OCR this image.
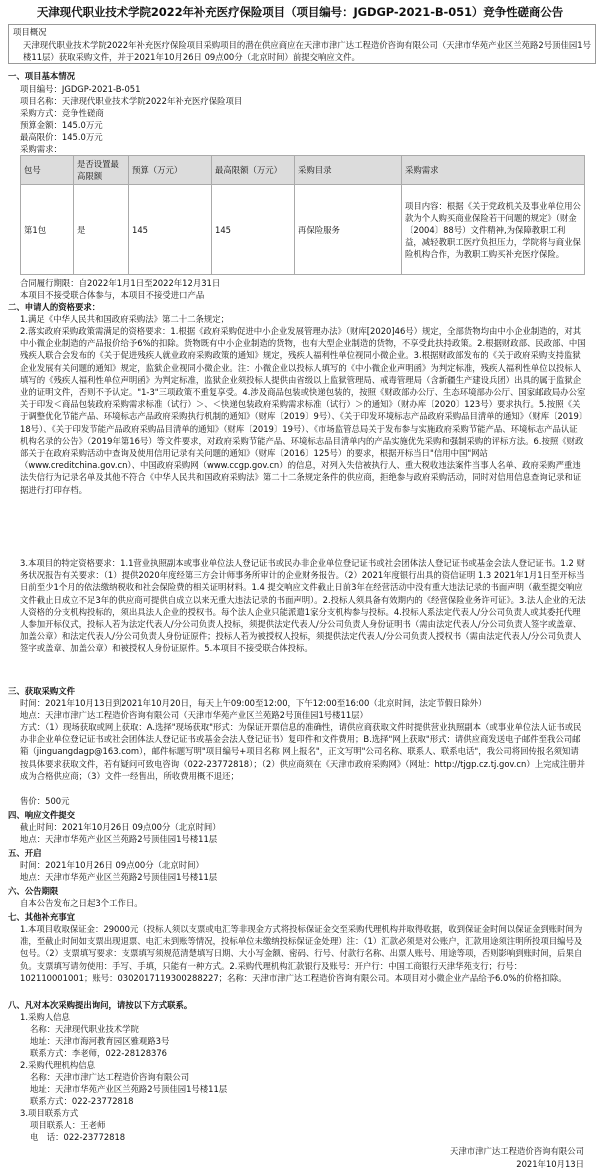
天津现代职业技术学院2022年补充医疗保险项目（项目编号：JGDGP-2021-B-051）竞争性磋商公告
项目概况
天津现代职业技术学院2022年补充医疗保险项目采购项目的潜在供应商应在天津市津广达工程造价咨询有限公司（天津市华苑产业区兰苑路2号顶佳园1号楼11层）获取采购文件，并于2021年10月26日 09点00分（北京时间）前提交响应文件。
一、项目基本情况
项目编号：JGDGP-2021-B-051
项目名称：天津现代职业技术学院2022年补充医疗保险项目
采购方式：竞争性磋商
预算金额：145.0万元
最高限价：145.0万元
采购需求：
包号	是否设置最高限额	预算（万元）	最高限额（万元）	采购目录	采购需求
第1包	是	145	145	再保险服务	项目内容：根据《关于党政机关及事业单位用公款为个人购买商业保险若干问题的规定》（财金〔2004〕88号）文件精神,为保障教职工利益，减轻教职工医疗负担压力，学院将与商业保险机构合作，为教职工购买补充医疗保险。
合同履行期限：自2022年1月1日至2022年12月31日
本项目不接受联合体参与，本项目不接受进口产品
二、申请人的资格要求：
1.满足《中华人民共和国政府采购法》第二十二条规定；
2.落实政府采购政策需满足的资格要求：1.根据《政府采购促进中小企业发展管理办法》（财库[2020]46号）规定，全部货物均由中小企业制造的，对其中小微企业制造的产品报价给予6%的扣除。货物既有中小企业制造的货物，也有大型企业制造的货物，不享受此扶持政策。2.根据财政部、民政部、中国残疾人联合会发布的《关于促进残疾人就业政府采购政策的通知》规定，残疾人福利性单位视同小微企业。3.根据财政部发布的《关于政府采购支持监狱企业发展有关问题的通知》规定，监狱企业视同小微企业。注：小微企业以投标人填写的《中小微企业声明函》为判定标准，残疾人福利性单位以投标人填写的《残疾人福利性单位声明函》为判定标准，监狱企业须投标人提供由省级以上监狱管理局、戒毒管理局（含新疆生产建设兵团）出具的属于监狱企业的证明文件，否则不予认定。"1-3"三项政策不重复享受。4.涉及商品包装或快递包装的，按照《财政部办公厅、生态环境部办公厅、国家邮政局办公室关于印发＜商品包装政府采购需求标准（试行）＞、＜快递包装政府采购需求标准（试行）＞的通知》（财办库〔2020〕123号）要求执行。5.按照《关于调整优化节能产品、环境标志产品政府采购执行机制的通知》（财库〔2019〕9号）、《关于印发环境标志产品政府采购品目清单的通知》（财库〔2019〕18号）、《关于印发节能产品政府采购品目清单的通知》（财库〔2019〕19号）、《市场监管总局关于发布参与实施政府采购节能产品、环境标志产品认证机构名录的公告》（2019年第16号）等文件要求，对政府采购节能产品、环境标志品目清单内的产品实施优先采购和强制采购的评标方法。6.按照《财政部关于在政府采购活动中查询及使用信用记录有关问题的通知》（财库〔2016〕125号）的要求，根据开标当日"信用中国"网站（www.creditchina.gov.cn）、中国政府采购网（www.ccgp.gov.cn）的信息，对列入失信被执行人、重大税收违法案件当事人名单、政府采购严重违法失信行为记录名单及其他不符合《中华人民共和国政府采购法》第二十二条规定条件的供应商，拒绝参与政府采购活动，同时对信用信息查询记录和证据进行打印存档。
3.本项目的特定资格要求：1.1营业执照副本或事业单位法人登记证书或民办非企业单位登记证书或社会团体法人登记证书或基金会法人登记证书。1.2 财务状况报告有关要求：（1）提供2020年度经第三方会计师事务所审计的企业财务报告。（2）2021年度银行出具的资信证明 1.3 2021年1月1日至开标当日前至少1个月的依法缴纳税收和社会保险费的相关证明材料。1.4 提交响应文件截止日前3年在经营活动中没有重大违法记录的书面声明（截至提交响应文件截止日成立不足3年的供应商可提供自成立以来无重大违法记录的书面声明）。2.投标人须具备有效期内的《经营保险业务许可证》。3.法人企业的无法人资格的分支机构投标的，须出具法人企业的授权书。每个法人企业只能派遣1家分支机构参与投标。4.投标人系法定代表人/分公司负责人或其委托代理人参加开标仪式，投标人若为法定代表人/分公司负责人投标，须提供法定代表人/分公司负责人身份证明书（需由法定代表人/分公司负责人签字或盖章、加盖公章）和法定代表人/分公司负责人身份证原件；投标人若为被授权人投标，须提供法定代表人/分公司负责人授权书（需由法定代表人/分公司负责人签字或盖章、加盖公章）和被授权人身份证原件。5.本项目不接受联合体投标。
三、获取采购文件
时间：2021年10月13日到2021年10月20日，每天上午09:00至12:00，下午12:00至16:00（北京时间，法定节假日除外）
地点：天津市津广达工程造价咨询有限公司（天津市华苑产业区兰苑路2号顶佳园1号楼11层）
方式：（1）现场获取或网上获取：A.选择"现场获取"形式：为保证开票信息的准确性，请供应商获取文件时提供营业执照副本（或事业单位法人证书或民办非企业单位登记证书或社会团体法人登记证书或基金会法人登记证书）复印件和文件费用；B.选择"网上获取"形式：请供应商发送电子邮件至我公司邮箱（jinguangdagp@163.com），邮件标题写明"项目编号+项目名称 网上报名"，正文写明"公司名称、联系人、联系电话"，我公司将回传报名须知请按具体要求获取文件，若有疑问可致电咨询（022-23772818）；（2）供应商须在《天津市政府采购网》（网址：http://tjgp.cz.tj.gov.cn）上完成注册并成为合格供应商；（3）文件一经售出，所收费用概不退还；
售价：500元
四、响应文件提交
截止时间：2021年10月26日 09点00分（北京时间）
地点：天津市华苑产业区兰苑路2号顶佳园1号楼11层
五、开启
时间：2021年10月26日 09点00分（北京时间）
地点：天津市华苑产业区兰苑路2号顶佳园1号楼11层
六、公告期限
自本公告发布之日起3个工作日。
七、其他补充事宜
1.本项目收取保证金：29000元（投标人须以支票或电汇等非现金方式将投标保证金交至采购代理机构并取得收据，收到保证金时间以保证金到账时间为准，至截止时间如支票出现退票、电汇未到账等情况，投标单位未缴纳投标保证金处理）注：（1）汇款必须是对公账户，汇款用途须注明所投项目编号及包号。（2）支票填写要求：支票填写须规范清楚填写日期、大小写金额、密码、行号、付款行名称、出票人账号、用途等项，否则影响到账时间，后果自负。支票填写请勿使用：手写、手填，只能有一种方式。2.采购代理机构汇款银行及账号：开户行：中国工商银行天津华苑支行；行号：102110001001；账号：0302017119300288227；名称：天津市津广达工程造价咨询有限公司。本项目对小微企业产品给予6.0%的价格扣除。
八、凡对本次采购提出询问，请按以下方式联系。
1.采购人信息
名称：天津现代职业技术学院
地址：天津市海河教育园区雅观路3号
联系方式：李老师，022-28128376
2.采购代理机构信息
名称：天津市津广达工程造价咨询有限公司
地址：天津市华苑产业区兰苑路2号顶佳园1号楼11层
联系方式：022-23772818
3.项目联系方式
项目联系人：王老师
电　话：022-23772818
天津市津广达工程造价咨询有限公司
2021年10月13日
